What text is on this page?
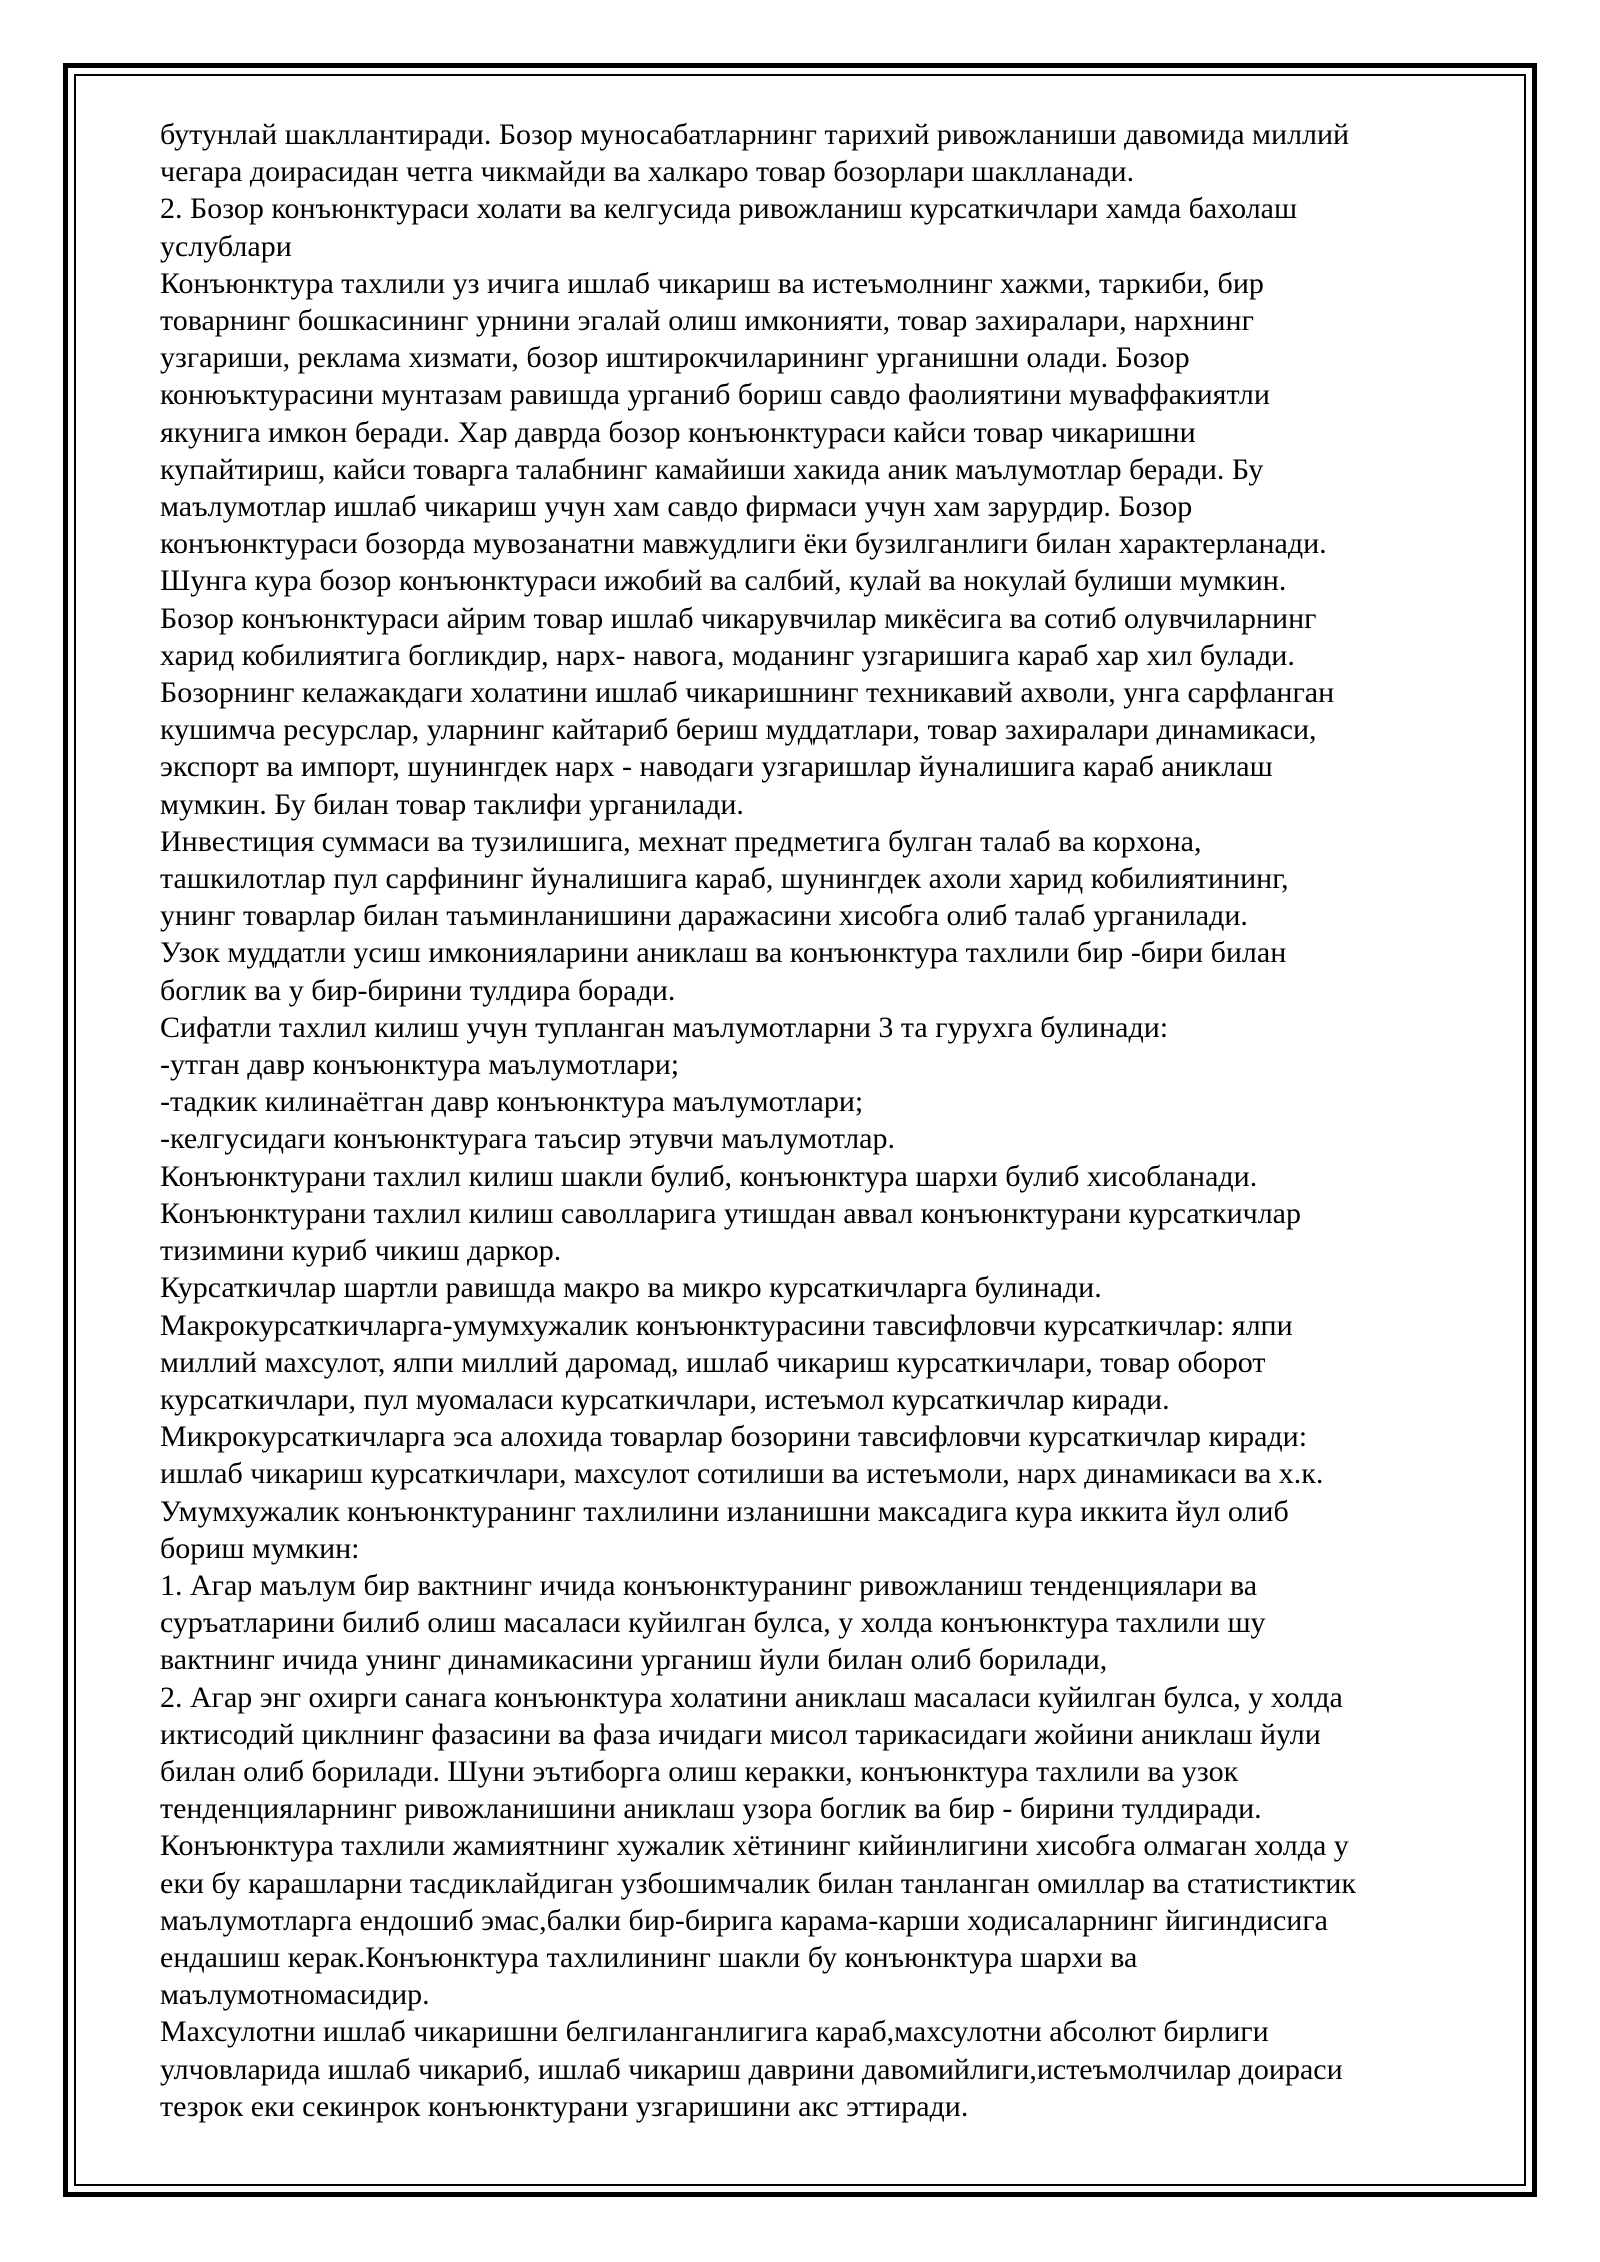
бутунлай шакллантиради. Бозор муносабатларнинг тарихий ривожланиши давомида миллий
чегара доирасидан четга чикмайди ва халкаро товар бозорлари шаклланади.
2. Бозор конъюнктураси холати ва келгусида ривожланиш курсаткичлари хамда бахолаш
услублари
Конъюнктура тахлили уз ичига ишлаб чикариш ва истеъмолнинг хажми, таркиби, бир
товарнинг бошкасининг урнини эгалай олиш имконияти, товар захиралари, нархнинг
узгариши, реклама хизмати, бозор иштирокчиларининг урганишни олади. Бозор
конюъктурасини мунтазам равишда урганиб бориш савдо фаолиятини муваффакиятли
якунига имкон беради. Хар даврда бозор конъюнктураси кайси товар чикаришни
купайтириш, кайси товарга талабнинг камайиши хакида аник маълумотлар беради. Бу
маълумотлар ишлаб чикариш учун хам савдо фирмаси учун хам зарурдир. Бозор
конъюнктураси бозорда мувозанатни мавжудлиги ёки бузилганлиги билан характерланади.
Шунга кура бозор конъюнктураси ижобий ва салбий, кулай ва нокулай булиши мумкин.
Бозор конъюнктураси айрим товар ишлаб чикарувчилар микёсига ва сотиб олувчиларнинг
харид кобилиятига богликдир, нарх- навога, моданинг узгаришига караб хар хил булади.
Бозорнинг келажакдаги холатини ишлаб чикаришнинг техникавий ахволи, унга сарфланган
кушимча ресурслар, уларнинг кайтариб бериш муддатлари, товар захиралари динамикаси,
экспорт ва импорт, шунингдек нарх - наводаги узгаришлар йуналишига караб аниклаш
мумкин. Бу билан товар таклифи урганилади.
Инвестиция суммаси ва тузилишига, мехнат предметига булган талаб ва корхона,
ташкилотлар пул сарфининг йуналишига караб, шунингдек ахоли харид кобилиятининг,
унинг товарлар билан таъминланишини даражасини хисобга олиб талаб урганилади.
Узок муддатли усиш имконияларини аниклаш ва конъюнктура тахлили бир -бири билан
боглик ва у бир-бирини тулдира боради.
Сифатли тахлил килиш учун тупланган маълумотларни 3 та гурухга булинади:
-утган давр конъюнктура маълумотлари;
-тадкик килинаётган давр конъюнктура маълумотлари;
-келгусидаги конъюнктурага таъсир этувчи маълумотлар.
Конъюнктурани тахлил килиш шакли булиб, конъюнктура шархи булиб хисобланади.
Конъюнктурани тахлил килиш саволларига утишдан аввал конъюнктурани курсаткичлар
тизимини куриб чикиш даркор.
Курсаткичлар шартли равишда макро ва микро курсаткичларга булинади.
Макрокурсаткичларга-умумхужалик конъюнктурасини тавсифловчи курсаткичлар: ялпи
миллий махсулот, ялпи миллий даромад, ишлаб чикариш курсаткичлари, товар оборот
курсаткичлари, пул муомаласи курсаткичлари, истеъмол курсаткичлар киради.
Микрокурсаткичларга эса алохида товарлар бозорини тавсифловчи курсаткичлар киради:
ишлаб чикариш курсаткичлари, махсулот сотилиши ва истеъмоли, нарх динамикаси ва х.к.
Умумхужалик конъюнктуранинг тахлилини изланишни максадига кура иккита йул олиб
бориш мумкин:
1. Агар маълум бир вактнинг ичида конъюнктуранинг ривожланиш тенденциялари ва
суръатларини билиб олиш масаласи куйилган булса, у холда конъюнктура тахлили шу
вактнинг ичида унинг динамикасини урганиш йули билан олиб борилади,
2. Агар энг охирги санага конъюнктура холатини аниклаш масаласи куйилган булса, у холда
иктисодий циклнинг фазасини ва фаза ичидаги мисол тарикасидаги жойини аниклаш йули
билан олиб борилади. Шуни эътиборга олиш керакки, конъюнктура тахлили ва узок
тенденцияларнинг ривожланишини аниклаш узора боглик ва бир - бирини тулдиради.
Конъюнктура тахлили жамиятнинг хужалик хётининг кийинлигини хисобга олмаган холда у
еки бу карашларни тасдиклайдиган узбошимчалик билан танланган омиллар ва статистиктик
маълумотларга ендошиб эмас,балки бир-бирига карама-карши ходисаларнинг йигиндисига
ендашиш керак.Конъюнктура тахлилининг шакли бу конъюнктура шархи ва
маълумотномасидир.
Махсулотни ишлаб чикаришни белгиланганлигига караб,махсулотни абсолют бирлиги
улчовларида ишлаб чикариб, ишлаб чикариш даврини давомийлиги,истеъмолчилар доираси
тезрок еки секинрок конъюнктурани узгаришини акс эттиради.
